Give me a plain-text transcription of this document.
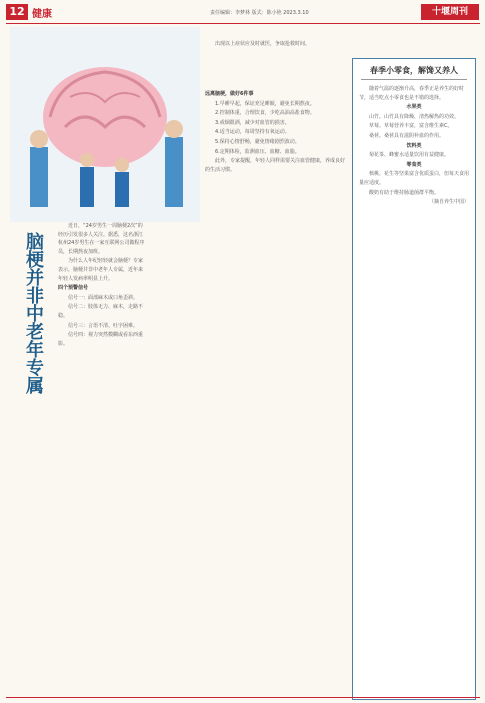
12 健康	责任编辑：李梦林 版式：陈小艳 2023.3.10	十堰周刊
脑梗并非中老年专属

近日，“24岁男生一周脑梗2次”的经历引发很多人关注。据悉，这名浙江杭州24岁男生在一家互联网公司做程序员，长期熬夜加班。

为什么人年纪轻轻就会脑梗？专家表示，脑梗并非中老年人专属，近年来年轻人发病率明显上升。

四个预警信号

信号一：面部麻木或口角歪斜。

信号二：肢体无力、麻木，走路不稳。

信号三：言语不清、吐字困难。

信号四：视力突然模糊或看东西重影。

出现以上症状应及时就医，争取抢救时间。

远离脑梗，做好6件事

1.早睡早起，保证充足睡眠，避免长期熬夜。

2.控制体重，合理饮食，少吃高油高盐食物。

3.戒烟限酒，减少对血管的损害。

4.适当运动，每周坚持有氧运动。

5.保持心情舒畅，避免情绪剧烈波动。

6.定期体检，监测血压、血糖、血脂。

此外，专家提醒，年轻人同样需要关注血管健康，养成良好的生活习惯。

春季小零食，解馋又养人

随着气温的逐渐升高，春季正是养生的好时节，适当吃点小零食也是不错的选择。

水果类

山竹。山竹具有降燥、清热解热的功效。

草莓。草莓营养丰富，富含维生素C。

桑葚。桑葚具有滋阴补血的作用。

饮料类

菊花茶、蜂蜜水适量饮用有益健康。

零食类

核桃、花生等坚果富含优质蛋白，但每天食用量应适度。

酸奶有助于维持肠道菌群平衡。

（摘自养生中国）
